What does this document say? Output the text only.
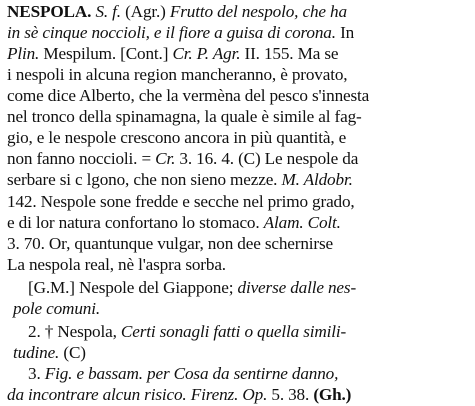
NESPOLA. S. f. (Agr.) Frutto del nespolo, che ha
in sè cinque noccioli, e il fiore a guisa di corona. In
Plin. Mespilum. [Cont.] Cr. P. Agr. II. 155. Ma se
i nespoli in alcuna region mancheranno, è provato,
come dice Alberto, che la vermèna del pesco s'innesta
nel tronco della spinamagna, la quale è simile al fag-
gio, e le nespole crescono ancora in più quantità, e
non fanno noccioli. = Cr. 3. 16. 4. (C) Le nespole da
serbare si c lgono, che non sieno mezze. M. Aldobr.
142. Nespole sone fredde e secche nel primo grado,
e di lor natura confortano lo stomaco. Alam. Colt.
3. 70. Or, quantunque vulgar, non dee schernirse
La nespola real, nè l'aspra sorba.
[G.M.] Nespole del Giappone; diverse dalle nes-
pole comuni.
2. † Nespola, Certi sonagli fatti o quella simili-
tudine. (C)
3. Fig. e bassam. per Cosa da sentirne danno,
da incontrare alcun risico. Firenz. Op. 5. 38. (Gh.)
